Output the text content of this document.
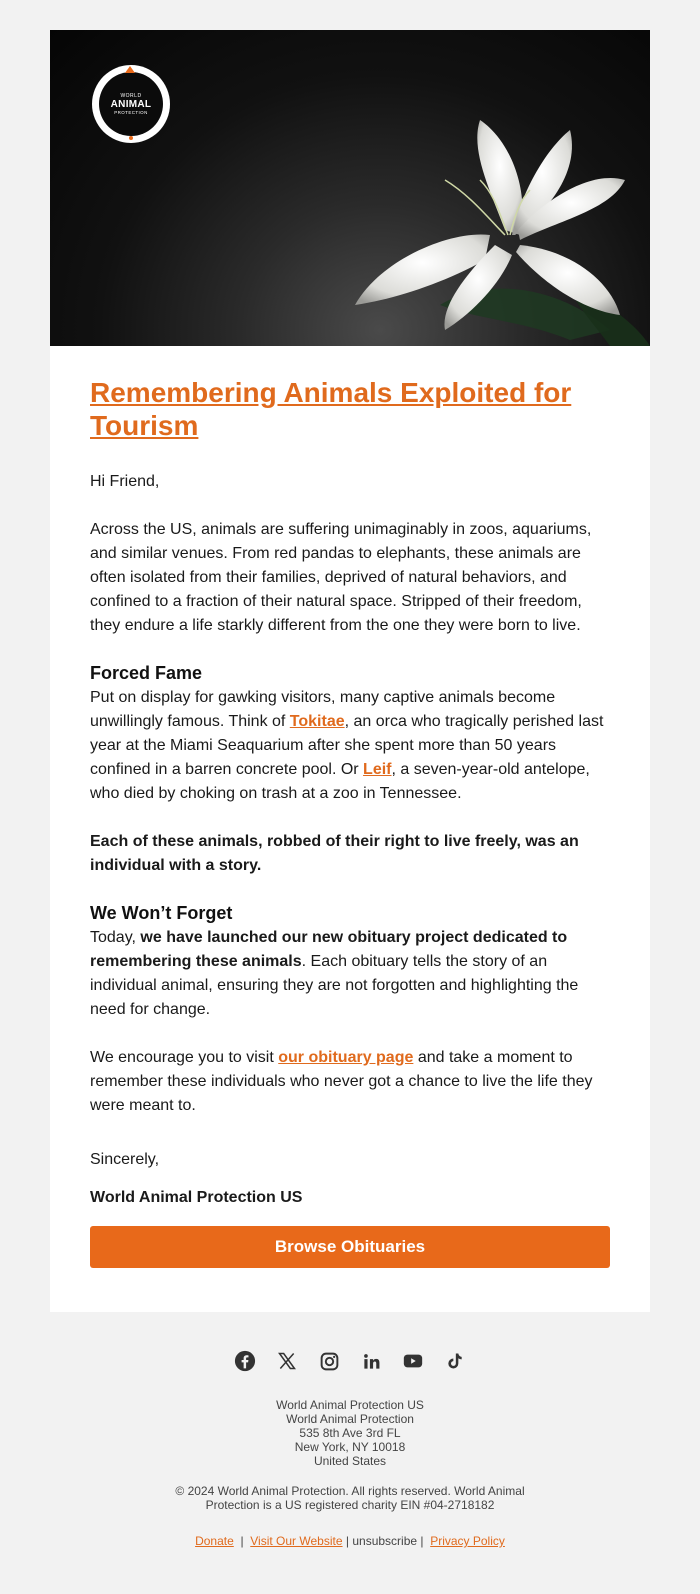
WORLD
ANIMAL
PROTECTION
Remembering Animals Exploited for Tourism

Hi Friend,

Across the US, animals are suffering unimaginably in zoos, aquariums, and similar venues. From red pandas to elephants, these animals are often isolated from their families, deprived of natural behaviors, and confined to a fraction of their natural space. Stripped of their freedom, they endure a life starkly different from the one they were born to live.

Forced Fame

Put on display for gawking visitors, many captive animals become unwillingly famous. Think of Tokitae, an orca who tragically perished last year at the Miami Seaquarium after she spent more than 50 years confined in a barren concrete pool. Or Leif, a seven-year-old antelope, who died by choking on trash at a zoo in Tennessee.

Each of these animals, robbed of their right to live freely, was an individual with a story.

We Won’t Forget

Today, we have launched our new obituary project dedicated to remembering these animals. Each obituary tells the story of an individual animal, ensuring they are not forgotten and highlighting the need for change.

We encourage you to visit our obituary page and take a moment to remember these individuals who never got a chance to live the life they were meant to.

Sincerely,

World Animal Protection US

Browse Obituaries
World Animal Protection US
World Animal Protection
535 8th Ave 3rd FL
New York, NY 10018
United States
© 2024 World Animal Protection. All rights reserved. World Animal
Protection is a US registered charity EIN #04-2718182
Donate | Visit Our Website | unsubscribe | Privacy Policy
